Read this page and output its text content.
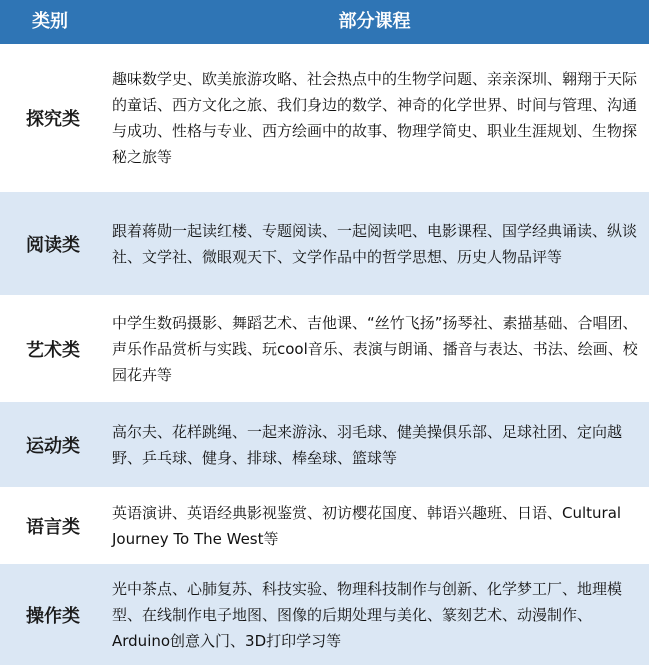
类别	部分课程
探究类
趣味数学史、欧美旅游攻略、社会热点中的生物学问题、亲亲深圳、翱翔于天际的童话、西方文化之旅、我们身边的数学、神奇的化学世界、时间与管理、沟通与成功、性格与专业、西方绘画中的故事、物理学简史、职业生涯规划、生物探秘之旅等
阅读类
跟着蒋勋一起读红楼、专题阅读、一起阅读吧、电影课程、国学经典诵读、纵谈社、文学社、微眼观天下、文学作品中的哲学思想、历史人物品评等
艺术类
中学生数码摄影、舞蹈艺术、吉他课、“丝竹飞扬”扬琴社、素描基础、合唱团、声乐作品赏析与实践、玩cool音乐、表演与朗诵、播音与表达、书法、绘画、校园花卉等
运动类
高尔夫、花样跳绳、一起来游泳、羽毛球、健美操俱乐部、足球社团、定向越野、乒乓球、健身、排球、棒垒球、篮球等
语言类
英语演讲、英语经典影视鉴赏、初访樱花国度、韩语兴趣班、日语、Cultural Journey To The West等
操作类
光中茶点、心肺复苏、科技实验、物理科技制作与创新、化学梦工厂、地理模型、在线制作电子地图、图像的后期处理与美化、篆刻艺术、动漫制作、Arduino创意入门、3D打印学习等
